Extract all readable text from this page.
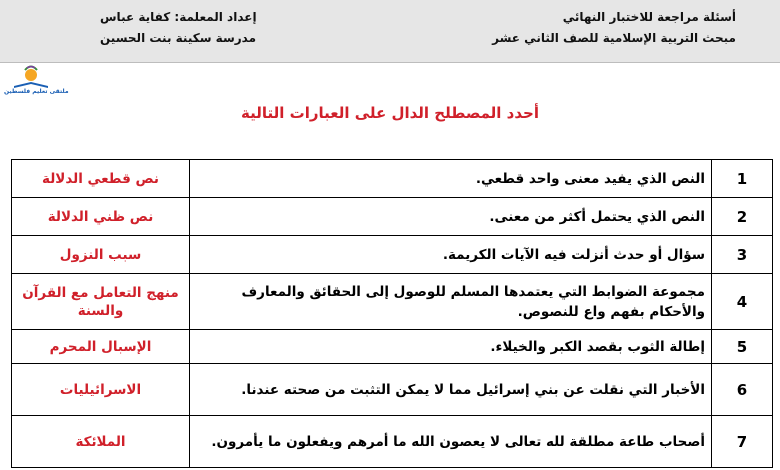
أسئلة مراجعة للاختبار النهائي
مبحث التربية الإسلامية للصف الثاني عشر
إعداد المعلمة: كفاية عباس
مدرسة سكينة بنت الحسين
ملتقى تعليم فلسطين
أحدد المصطلح الدال على العبارات التالية
1	النص الذي يفيد معنى واحد قطعي.	نص قطعي الدلالة
2	النص الذي يحتمل أكثر من معنى.	نص ظني الدلالة
3	سؤال أو حدث أنزلت فيه الآيات الكريمة.	سبب النزول
4	مجموعة الضوابط التي يعتمدها المسلم للوصول إلى الحقائق والمعارف والأحكام بفهم واع للنصوص.	منهج التعامل مع القرآن والسنة
5	إطالة الثوب بقصد الكبر والخيلاء.	الإسبال المحرم
6	الأخبار التي نقلت عن بني إسرائيل مما لا يمكن التثبت من صحته عندنا.	الاسرائيليات
7	أصحاب طاعة مطلقة لله تعالى لا يعصون الله ما أمرهم ويفعلون ما يأمرون.	الملائكة
